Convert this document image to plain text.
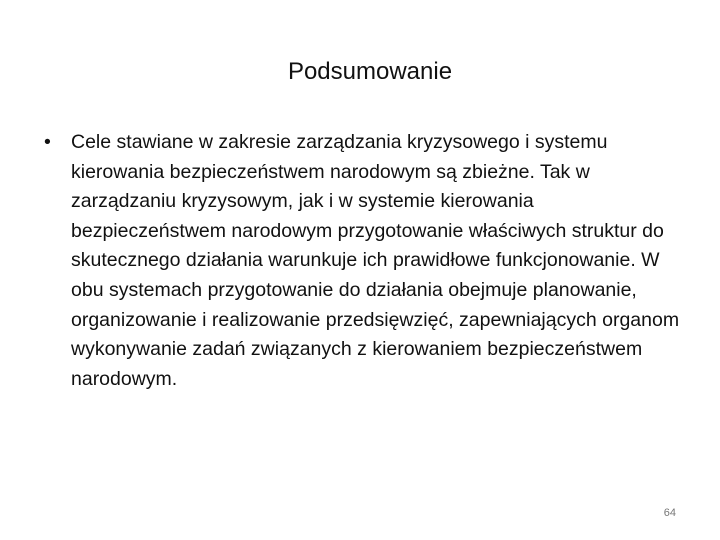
Podsumowanie
• Cele stawiane w zakresie zarządzania kryzysowego i systemu kierowania bezpieczeństwem narodowym są zbieżne. Tak w zarządzaniu kryzysowym, jak i w systemie kierowania bezpieczeństwem narodowym przygotowanie właściwych struktur do skutecznego działania warunkuje ich prawidłowe funkcjonowanie. W obu systemach przygotowanie do działania obejmuje planowanie, organizowanie i realizowanie przedsięwzięć, zapewniających organom wykonywanie zadań związanych z kierowaniem bezpieczeństwem narodowym.
64
